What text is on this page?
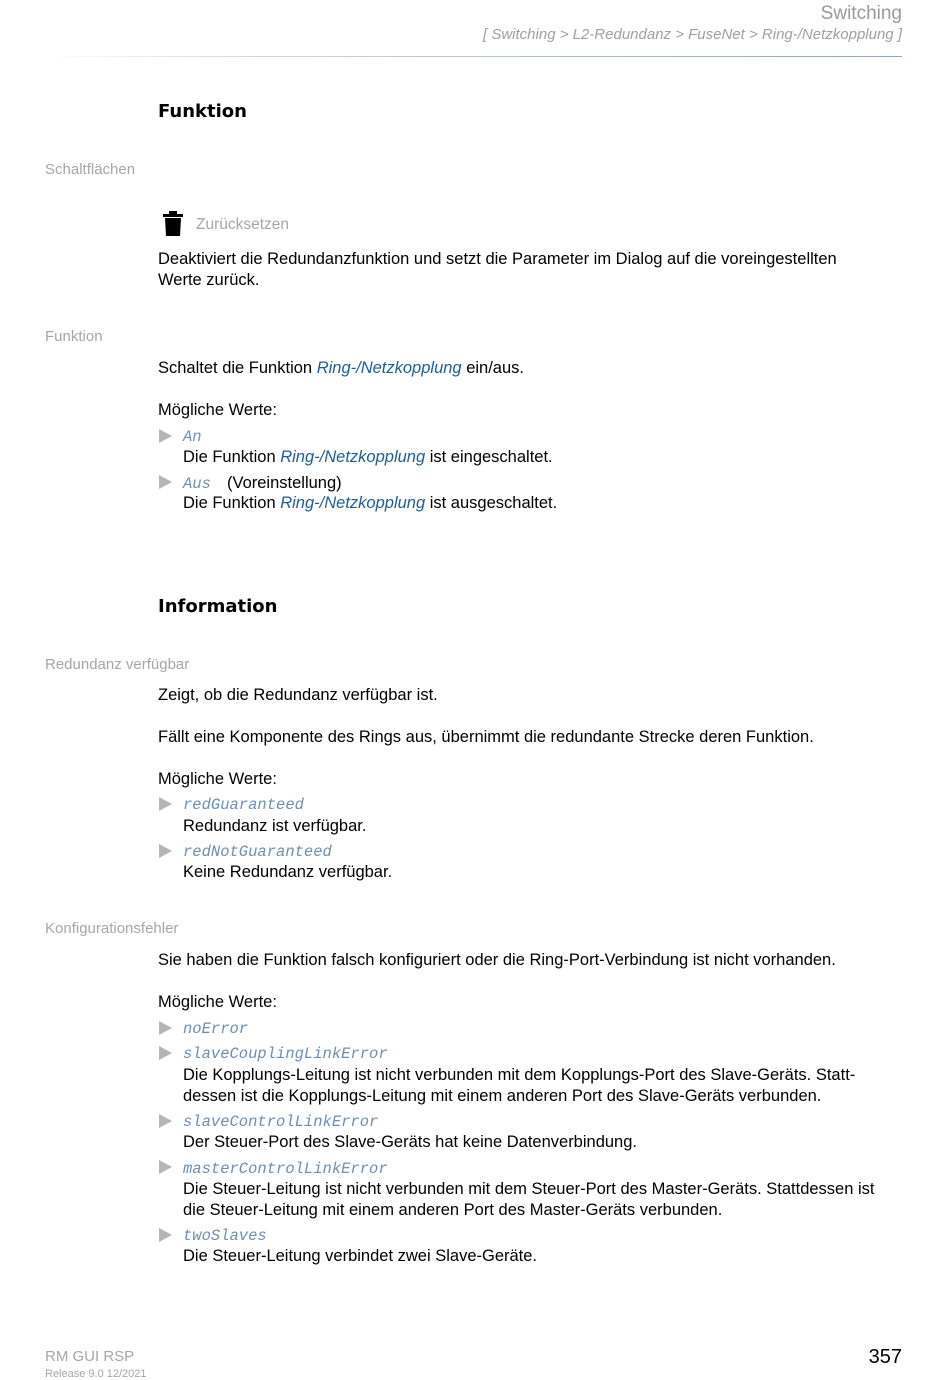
Switching
[ Switching > L2-Redundanz > FuseNet > Ring-/Netzkopplung ]
Funktion
Schaltflächen
Zurücksetzen
Deaktiviert die Redundanzfunktion und setzt die Parameter im Dialog auf die voreingestellten
Werte zurück.
Funktion
Schaltet die Funktion Ring-/Netzkopplung ein/aus.
Mögliche Werte:
An
Die Funktion Ring-/Netzkopplung ist eingeschaltet.
Aus (Voreinstellung)
Die Funktion Ring-/Netzkopplung ist ausgeschaltet.
Information
Redundanz verfügbar
Zeigt, ob die Redundanz verfügbar ist.
Fällt eine Komponente des Rings aus, übernimmt die redundante Strecke deren Funktion.
Mögliche Werte:
redGuaranteed
Redundanz ist verfügbar.
redNotGuaranteed
Keine Redundanz verfügbar.
Konfigurationsfehler
Sie haben die Funktion falsch konfiguriert oder die Ring-Port-Verbindung ist nicht vorhanden.
Mögliche Werte:
noError
slaveCouplingLinkError
Die Kopplungs-Leitung ist nicht verbunden mit dem Kopplungs-Port des Slave-Geräts. Statt-
dessen ist die Kopplungs-Leitung mit einem anderen Port des Slave-Geräts verbunden.
slaveControlLinkError
Der Steuer-Port des Slave-Geräts hat keine Datenverbindung.
masterControlLinkError
Die Steuer-Leitung ist nicht verbunden mit dem Steuer-Port des Master-Geräts. Stattdessen ist
die Steuer-Leitung mit einem anderen Port des Master-Geräts verbunden.
twoSlaves
Die Steuer-Leitung verbindet zwei Slave-Geräte.
RM GUI RSP
Release 9.0 12/2021
357
